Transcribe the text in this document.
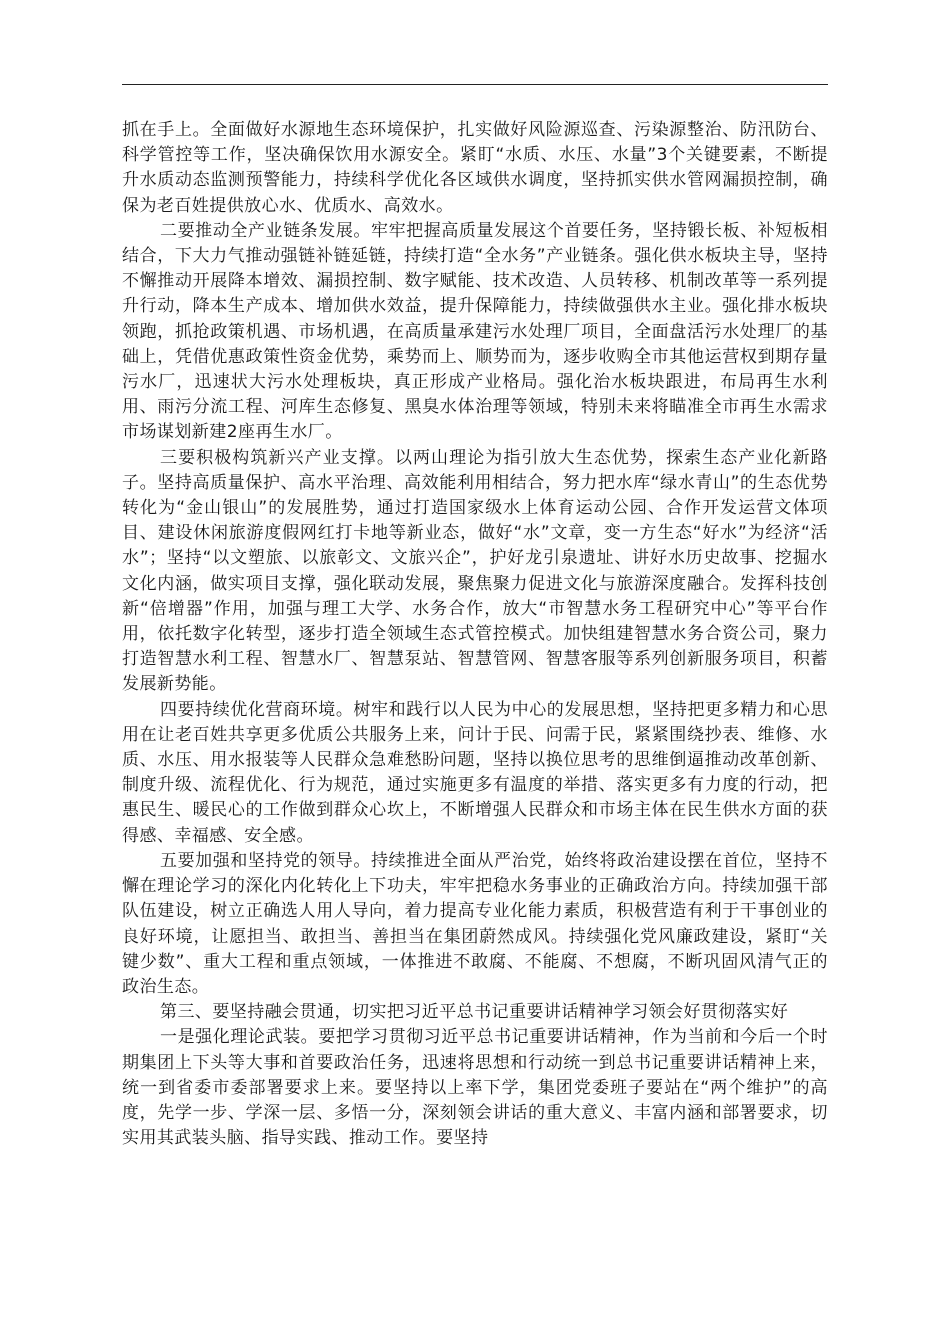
抓在手上。全面做好水源地生态环境保护，扎实做好风险源巡查、污染源整治、防汛防台、科学管控等工作，坚决确保饮用水源安全。紧盯“水质、水压、水量”3个关键要素，不断提升水质动态监测预警能力，持续科学优化各区域供水调度，坚持抓实供水管网漏损控制，确保为老百姓提供放心水、优质水、高效水。

二要推动全产业链条发展。牢牢把握高质量发展这个首要任务，坚持锻长板、补短板相结合，下大力气推动强链补链延链，持续打造“全水务”产业链条。强化供水板块主导，坚持不懈推动开展降本增效、漏损控制、数字赋能、技术改造、人员转移、机制改革等一系列提升行动，降本生产成本、增加供水效益，提升保障能力，持续做强供水主业。强化排水板块领跑，抓抢政策机遇、市场机遇，在高质量承建污水处理厂项目，全面盘活污水处理厂的基础上，凭借优惠政策性资金优势，乘势而上、顺势而为，逐步收购全市其他运营权到期存量污水厂，迅速状大污水处理板块，真正形成产业格局。强化治水板块跟进，布局再生水利用、雨污分流工程、河库生态修复、黑臭水体治理等领域，特别未来将瞄准全市再生水需求市场谋划新建2座再生水厂。

三要积极构筑新兴产业支撑。以两山理论为指引放大生态优势，探索生态产业化新路子。坚持高质量保护、高水平治理、高效能利用相结合，努力把水库“绿水青山”的生态优势转化为“金山银山”的发展胜势，通过打造国家级水上体育运动公园、合作开发运营文体项目、建设休闲旅游度假网红打卡地等新业态，做好“水”文章，变一方生态“好水”为经济“活水”；坚持“以文塑旅、以旅彰文、文旅兴企”，护好龙引泉遗址、讲好水历史故事、挖掘水文化内涵，做实项目支撑，强化联动发展，聚焦聚力促进文化与旅游深度融合。发挥科技创新“倍增器”作用，加强与理工大学、水务合作，放大“市智慧水务工程研究中心”等平台作用，依托数字化转型，逐步打造全领域生态式管控模式。加快组建智慧水务合资公司，聚力打造智慧水利工程、智慧水厂、智慧泵站、智慧管网、智慧客服等系列创新服务项目，积蓄发展新势能。

四要持续优化营商环境。树牢和践行以人民为中心的发展思想，坚持把更多精力和心思用在让老百姓共享更多优质公共服务上来，问计于民、问需于民，紧紧围绕抄表、维修、水质、水压、用水报装等人民群众急难愁盼问题，坚持以换位思考的思维倒逼推动改革创新、制度升级、流程优化、行为规范，通过实施更多有温度的举措、落实更多有力度的行动，把惠民生、暖民心的工作做到群众心坎上，不断增强人民群众和市场主体在民生供水方面的获得感、幸福感、安全感。

五要加强和坚持党的领导。持续推进全面从严治党，始终将政治建设摆在首位，坚持不懈在理论学习的深化内化转化上下功夫，牢牢把稳水务事业的正确政治方向。持续加强干部队伍建设，树立正确选人用人导向，着力提高专业化能力素质，积极营造有利于干事创业的良好环境，让愿担当、敢担当、善担当在集团蔚然成风。持续强化党风廉政建设，紧盯“关键少数”、重大工程和重点领域，一体推进不敢腐、不能腐、不想腐，不断巩固风清气正的政治生态。

第三、要坚持融会贯通，切实把习近平总书记重要讲话精神学习领会好贯彻落实好

一是强化理论武装。要把学习贯彻习近平总书记重要讲话精神，作为当前和今后一个时期集团上下头等大事和首要政治任务，迅速将思想和行动统一到总书记重要讲话精神上来，统一到省委市委部署要求上来。要坚持以上率下学，集团党委班子要站在“两个维护”的高度，先学一步、学深一层、多悟一分，深刻领会讲话的重大意义、丰富内涵和部署要求，切实用其武装头脑、指导实践、推动工作。要坚持
